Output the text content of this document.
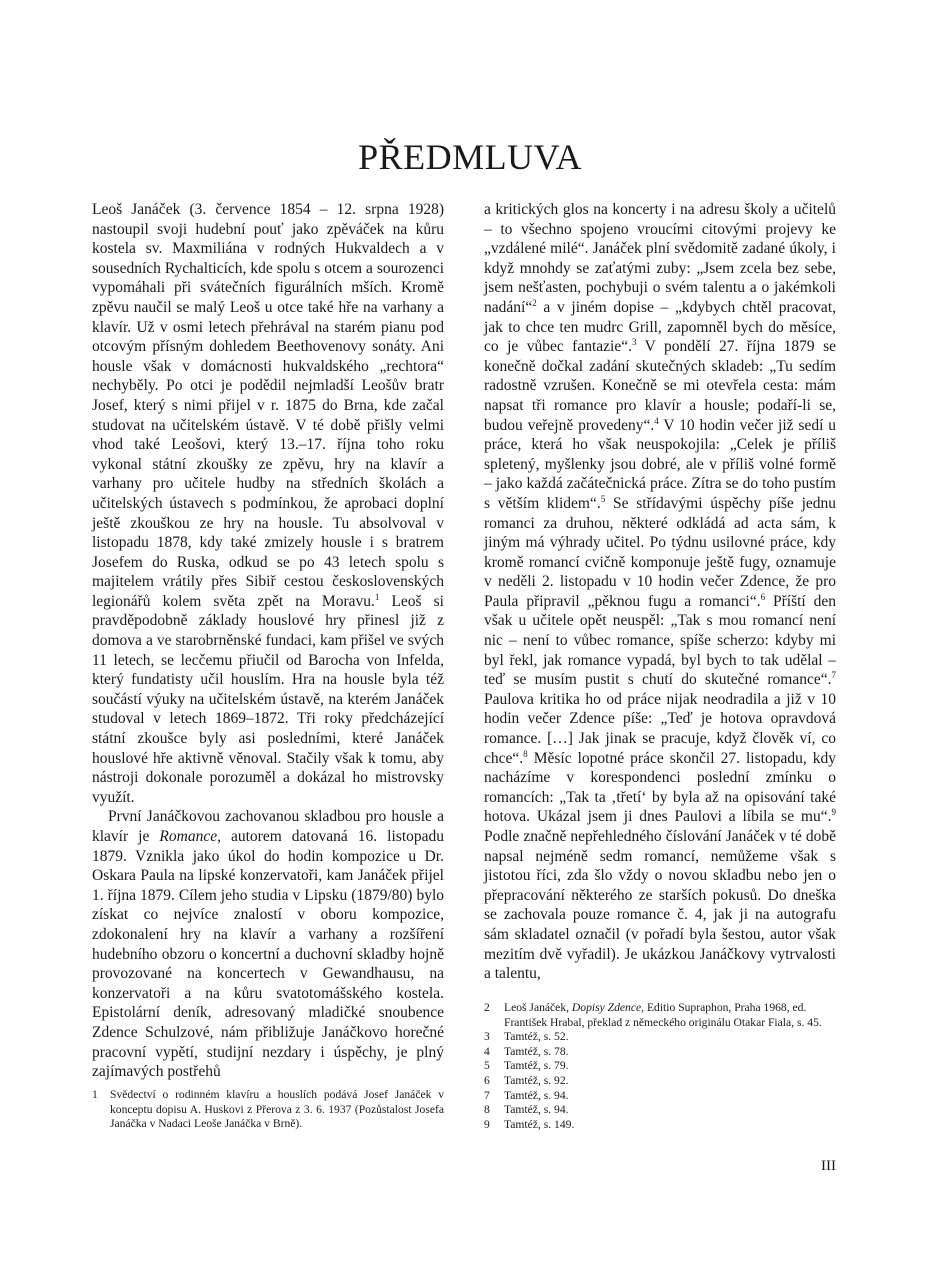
PŘEDMLUVA

Leoš Janáček (3. července 1854 – 12. srpna 1928) nastoupil svoji hudební pouť jako zpěváček na kůru kostela sv. Maxmiliána v rodných Hukvaldech a v sousedních Rychalticích, kde spolu s otcem a sourozenci vypomáhali při svátečních figurálních mších. Kromě zpěvu naučil se malý Leoš u otce také hře na varhany a klavír. Už v osmi letech přehrával na starém pianu pod otcovým přísným dohledem Beethovenovy sonáty. Ani housle však v domácnosti hukvaldského „rechtora“ nechyběly. Po otci je podědil nejmladší Leošův bratr Josef, který s nimi přijel v r. 1875 do Brna, kde začal studovat na učitelském ústavě. V té době přišly velmi vhod také Leošovi, který 13.–17. října toho roku vykonal státní zkoušky ze zpěvu, hry na klavír a varhany pro učitele hudby na středních školách a učitelských ústavech s podmínkou, že aprobaci doplní ještě zkouškou ze hry na housle. Tu absolvoval v listopadu 1878, kdy také zmizely housle i s bratrem Josefem do Ruska, odkud se po 43 letech spolu s majitelem vrátily přes Sibiř cestou československých legionářů kolem světa zpět na Moravu.$^1$ Leoš si pravděpodobně základy houslové hry přinesl již z domova a ve starobrněnské fundaci, kam přišel ve svých 11 letech, se lecčemu přiučil od Barocha von Infelda, který fundatisty učil houslím. Hra na housle byla též součástí výuky na učitelském ústavě, na kterém Janáček studoval v letech 1869–1872. Tři roky předcházející státní zkoušce byly asi posledními, které Janáček houslové hře aktivně věnoval. Stačily však k tomu, aby nástroji dokonale porozuměl a dokázal ho mistrovsky využít.

První Janáčkovou zachovanou skladbou pro housle a klavír je Romance, autorem datovaná 16. listopadu 1879. Vznikla jako úkol do hodin kompozice u Dr. Oskara Paula na lipské konzervatoři, kam Janáček přijel 1. října 1879. Cílem jeho studia v Lipsku (1879/80) bylo získat co nejvíce znalostí v oboru kompozice, zdokonalení hry na klavír a varhany a rozšíření hudebního obzoru o koncertní a duchovní skladby hojně provozované na koncertech v Gewandhausu, na konzervatoři a na kůru svatotomášského kostela. Epistolární deník, adresovaný mladičké snoubence Zdence Schulzové, nám přibližuje Janáčkovo horečné pracovní vypětí, studijní nezdary i úspěchy, je plný zajímavých postřehů

a kritických glos na koncerty i na adresu školy a učitelů – to všechno spojeno vroucími citovými projevy ke „vzdálené milé“. Janáček plní svědomitě zadané úkoly, i když mnohdy se zaťatými zuby: „Jsem zcela bez sebe, jsem nešťasten, pochybuji o svém talentu a o jakémkoli nadání“$^2$ a v jiném dopise – „kdybych chtěl pracovat, jak to chce ten mudrc Grill, zapomněl bych do měsíce, co je vůbec fantazie“.$^3$ V pondělí 27. října 1879 se konečně dočkal zadání skutečných skladeb: „Tu sedím radostně vzrušen. Konečně se mi otevřela cesta: mám napsat tři romance pro klavír a housle; podaří-li se, budou veřejně provedeny“.$^4$ V 10 hodin večer již sedí u práce, která ho však neuspokojila: „Celek je příliš spletený, myšlenky jsou dobré, ale v příliš volné formě – jako každá začátečnická práce. Zítra se do toho pustím s větším klidem“.$^5$ Se střídavými úspěchy píše jednu romanci za druhou, některé odkládá ad acta sám, k jiným má výhrady učitel. Po týdnu usilovné práce, kdy kromě romancí cvičně komponuje ještě fugy, oznamuje v neděli 2. listopadu v 10 hodin večer Zdence, že pro Paula připravil „pěknou fugu a romanci“.$^6$ Příští den však u učitele opět neuspěl: „Tak s mou romancí není nic – není to vůbec romance, spíše scherzo: kdyby mi byl řekl, jak romance vypadá, byl bych to tak udělal – teď se musím pustit s chutí do skutečné romance“.$^7$ Paulova kritika ho od práce nijak neodradila a již v 10 hodin večer Zdence píše: „Teď je hotova opravdová romance. […] Jak jinak se pracuje, když člověk ví, co chce“.$^8$ Měsíc lopotné práce skončil 27. listopadu, kdy nacházíme v korespondenci poslední zmínku o romancích: „Tak ta ‚třetí‘ by byla až na opisování také hotova. Ukázal jsem ji dnes Paulovi a líbila se mu“.$^9$ Podle značně nepřehledného číslování Janáček v té době napsal nejméně sedm romancí, nemůžeme však s jistotou říci, zda šlo vždy o novou skladbu nebo jen o přepracování některého ze starších pokusů. Do dneška se zachovala pouze romance č. 4, jak ji na autografu sám skladatel označil (v pořadí byla šestou, autor však mezitím dvě vyřadil). Je ukázkou Janáčkovy vytrvalosti a talentu,

1	Svědectví o rodinném klavíru a houslích podává Josef Janáček v konceptu dopisu A. Huskovi z Přerova z 3. 6. 1937 (Pozůstalost Josefa Janáčka v Nadaci Leoše Janáčka v Brně).
2	Leoš Janáček, Dopisy Zdence, Editio Supraphon, Praha 1968, ed. František Hrabal, překlad z německého originálu Otakar Fiala, s. 45.
3	Tamtéž, s. 52.
4	Tamtéž, s. 78.
5	Tamtéž, s. 79.
6	Tamtéž, s. 92.
7	Tamtéž, s. 94.
8	Tamtéž, s. 94.
9	Tamtéž, s. 149.
III
